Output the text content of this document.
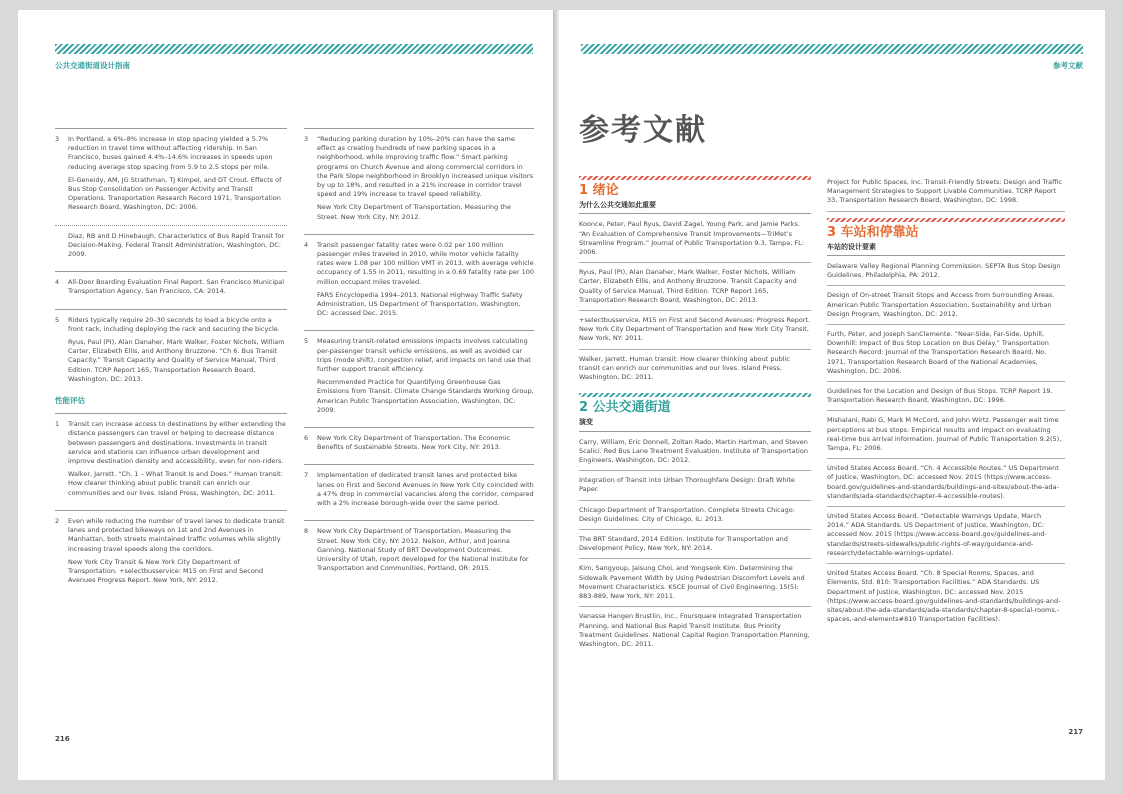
公共交通街道设计指南
3	In Portland, a 6%–8% increase in stop spacing yielded a 5.7% reduction in travel time without affecting ridership. In San Francisco, buses gained 4.4%–14.6% increases in speeds upon reducing average stop spacing from 5.9 to 2.5 stops per mile.

El-Geneidy, AM, JG Strathman, TJ Kimpel, and DT Crout. Effects of Bus Stop Consolidation on Passenger Activity and Transit Operations. Transportation Research Record 1971, Transportation Research Board, Washington, DC: 2006.

Diaz, RB and D Hinebaugh. Characteristics of Bus Rapid Transit for Decision-Making. Federal Transit Administration, Washington, DC: 2009.

4	All-Door Boarding Evaluation Final Report. San Francisco Municipal Transportation Agency, San Francisco, CA: 2014.

5	Riders typically require 20–30 seconds to load a bicycle onto a front rack, including deploying the rack and securing the bicycle.

Ryus, Paul (PI), Alan Danaher, Mark Walker, Foster Nichols, William Carter, Elizabeth Ellis, and Anthony Bruzzone. “Ch 6. Bus Transit Capacity.” Transit Capacity and Quality of Service Manual, Third Edition. TCRP Report 165, Transportation Research Board, Washington, DC: 2013.

性能评估
1	Transit can increase access to destinations by either extending the distance passengers can travel or helping to decrease distance between passengers and destinations. Investments in transit service and stations can influence urban development and improve destination density and accessibility, even for non-riders.

Walker, Jarrett. “Ch. 1 – What Transit Is and Does.” Human transit: How clearer thinking about public transit can enrich our communities and our lives. Island Press, Washington, DC: 2011.

2	Even while reducing the number of travel lanes to dedicate transit lanes and protected bikeways on 1st and 2nd Avenues in Manhattan, both streets maintained traffic volumes while slightly increasing travel speeds along the corridors.

New York City Transit & New York City Department of Transportation. +selectbusservice: M15 on First and Second Avenues Progress Report. New York, NY: 2012.

3	“Reducing parking duration by 10%–20% can have the same effect as creating hundreds of new parking spaces in a neighborhood, while improving traffic flow.” Smart parking programs on Church Avenue and along commercial corridors in the Park Slope neighborhood in Brooklyn increased unique visitors by up to 18%, and resulted in a 21% increase in corridor travel speed and 19% increase to travel speed reliability.

New York City Department of Transportation, Measuring the Street. New York City, NY: 2012.

4	Transit passenger fatality rates were 0.02 per 100 million passenger miles traveled in 2010, while motor vehicle fatality rates were 1.08 per 100 million VMT in 2013, with average vehicle occupancy of 1.55 in 2011, resulting in a 0.69 fatality rate per 100 million occupant miles traveled.

FARS Encyclopedia 1994–2013. National Highway Traffic Safety Administration, US Department of Transportation, Washington, DC: accessed Dec. 2015.

5	Measuring transit-related emissions impacts involves calculating per-passenger transit vehicle emissions, as well as avoided car trips (mode shift), congestion relief, and impacts on land use that further support transit efficiency.

Recommended Practice for Quantifying Greenhouse Gas Emissions from Transit. Climate Change Standards Working Group, American Public Transportation Association, Washington, DC: 2009.

6	New York City Department of Transportation. The Economic Benefits of Sustainable Streets. New York City, NY: 2013.

7	Implementation of dedicated transit lanes and protected bike lanes on First and Second Avenues in New York City coincided with a 47% drop in commercial vacancies along the corridor, compared with a 2% increase borough-wide over the same period.

8	New York City Department of Transportation, Measuring the Street. New York City, NY: 2012. Nelson, Arthur, and Joanna Ganning. National Study of BRT Development Outcomes. University of Utah, report developed for the National Institute for Transportation and Communities, Portland, OR: 2015.

216
参考文献
参考文献
1 绪论
为什么公共交通如此重要
Koonce, Peter, Paul Ryus, David Zagel, Young Park, and Jamie Parks. “An Evaluation of Comprehensive Transit Improvements—TriMet’s Streamline Program.” Journal of Public Transportation 9.3, Tampa, FL: 2006.
Ryus, Paul (PI), Alan Danaher, Mark Walker, Foster Nichols, William Carter, Elizabeth Ellis, and Anthony Bruzzone. Transit Capacity and Quality of Service Manual, Third Edition. TCRP Report 165, Transportation Research Board, Washington, DC: 2013.
+selectbusservice, M15 on First and Second Avenues: Progress Report. New York City Department of Transportation and New York City Transit, New York, NY: 2011.
Walker, Jarrett. Human transit: How clearer thinking about public transit can enrich our communities and our lives. Island Press, Washington, DC: 2011.
2 公共交通街道
演变
Carry, William, Eric Donnell, Zoltan Rado, Martin Hartman, and Steven Scalici. Red Bus Lane Treatment Evaluation. Institute of Transportation Engineers, Washington, DC: 2012.
Integration of Transit into Urban Thoroughfare Design: Draft White Paper.
Chicago Department of Transportation. Complete Streets Chicago: Design Guidelines. City of Chicago, IL: 2013.
The BRT Standard, 2014 Edition. Institute for Transportation and Development Policy, New York, NY: 2014.
Kim, Sangyoup, Jaisung Choi, and Yongseok Kim. Determining the Sidewalk Pavement Width by Using Pedestrian Discomfort Levels and Movement Characteristics. KSCE Journal of Civil Engineering, 15(5): 883-889, New York, NY: 2011.
Vanasse Hangen Brustlin, Inc., Foursquare Integrated Transportation Planning, and National Bus Rapid Transit Institute. Bus Priority Treatment Guidelines. National Capital Region Transportation Planning, Washington, DC: 2011.
Project for Public Spaces, Inc. Transit-Friendly Streets: Design and Traffic Management Strategies to Support Livable Communities. TCRP Report 33, Transportation Research Board, Washington, DC: 1998.
3 车站和停靠站
车站的设计要素
Delaware Valley Regional Planning Commission. SEPTA Bus Stop Design Guidelines. Philadelphia, PA: 2012.
Design of On-street Transit Stops and Access from Surrounding Areas. American Public Transportation Association, Sustainability and Urban Design Program, Washington, DC: 2012.
Furth, Peter, and Joseph SanClemente. “Near-Side, Far-Side, Uphill, Downhill: Impact of Bus Stop Location on Bus Delay.” Transportation Research Record: Journal of the Transportation Research Board, No. 1971, Transportation Research Board of the National Academies, Washington, DC: 2006.
Guidelines for the Location and Design of Bus Stops. TCRP Report 19. Transportation Research Board, Washington, DC: 1996.
Mishalani, Rabi G, Mark M McCord, and John Wirtz. Passenger wait time perceptions at bus stops: Empirical results and impact on evaluating real-time bus arrival information. Journal of Public Transportation 9.2(5), Tampa, FL: 2006.
United States Access Board. “Ch. 4 Accessible Routes.” US Department of Justice, Washington, DC: accessed Nov. 2015 (https://www.access-board.gov/guidelines-and-standards/buildings-and-sites/about-the-ada-standards/ada-standards/chapter-4-accessible-routes).
United States Access Board. “Detectable Warnings Update, March 2014.” ADA Standards. US Department of Justice, Washington, DC: accessed Nov. 2015 (https://www.access-board.gov/guidelines-and-standards/streets-sidewalks/public-rights-of-way/guidance-and-research/detectable-warnings-update).
United States Access Board. “Ch. 8 Special Rooms, Spaces, and Elements, Std. 810: Transportation Facilities.” ADA Standards. US Department of Justice, Washington, DC: accessed Nov. 2015 (https://www.access-board.gov/guidelines-and-standards/buildings-and-sites/about-the-ada-standards/ada-standards/chapter-8-special-rooms,-spaces,-and-elements#810 Transportation Facilities).
217
